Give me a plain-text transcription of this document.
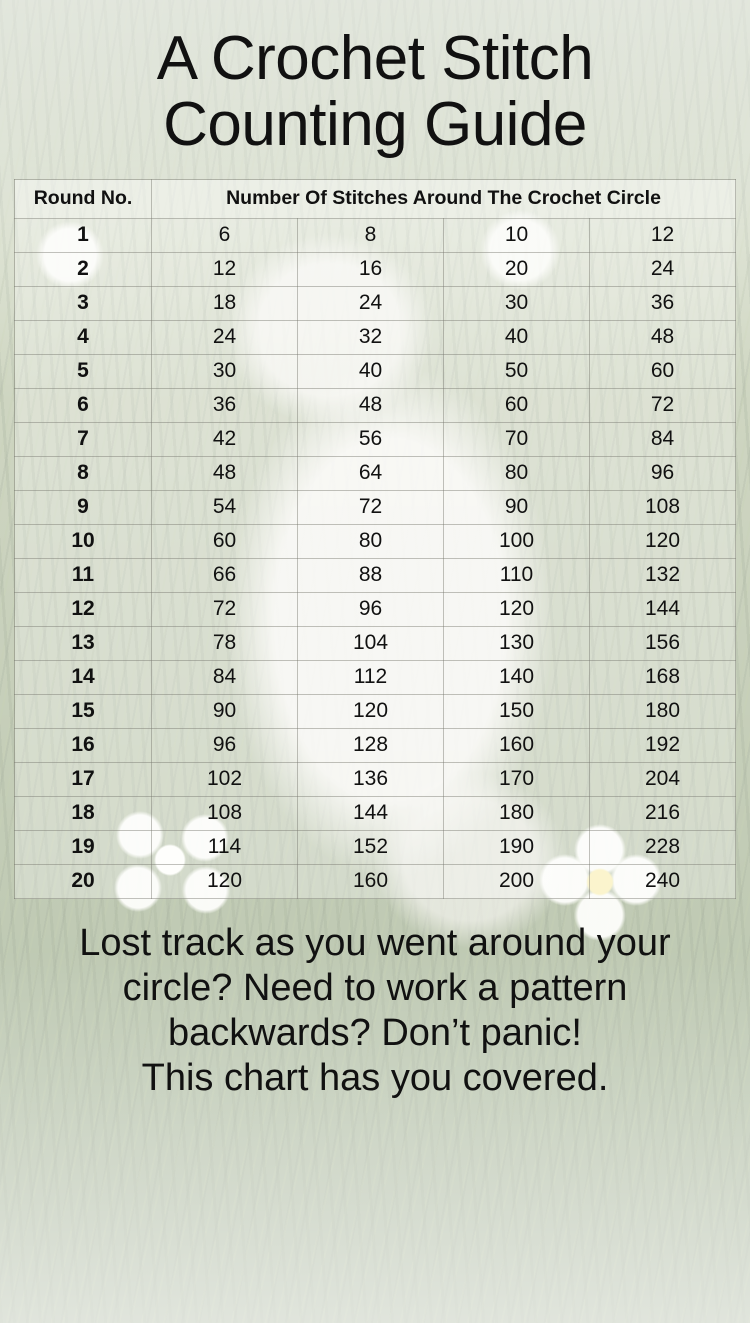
A Crochet Stitch
Counting Guide
Round No.	Number Of Stitches Around The Crochet Circle			
1	6	8	10	12
2	12	16	20	24
3	18	24	30	36
4	24	32	40	48
5	30	40	50	60
6	36	48	60	72
7	42	56	70	84
8	48	64	80	96
9	54	72	90	108
10	60	80	100	120
11	66	88	110	132
12	72	96	120	144
13	78	104	130	156
14	84	112	140	168
15	90	120	150	180
16	96	128	160	192
17	102	136	170	204
18	108	144	180	216
19	114	152	190	228
20	120	160	200	240
Lost track as you went around your
circle? Need to work a pattern
backwards? Don’t panic!
This chart has you covered.
